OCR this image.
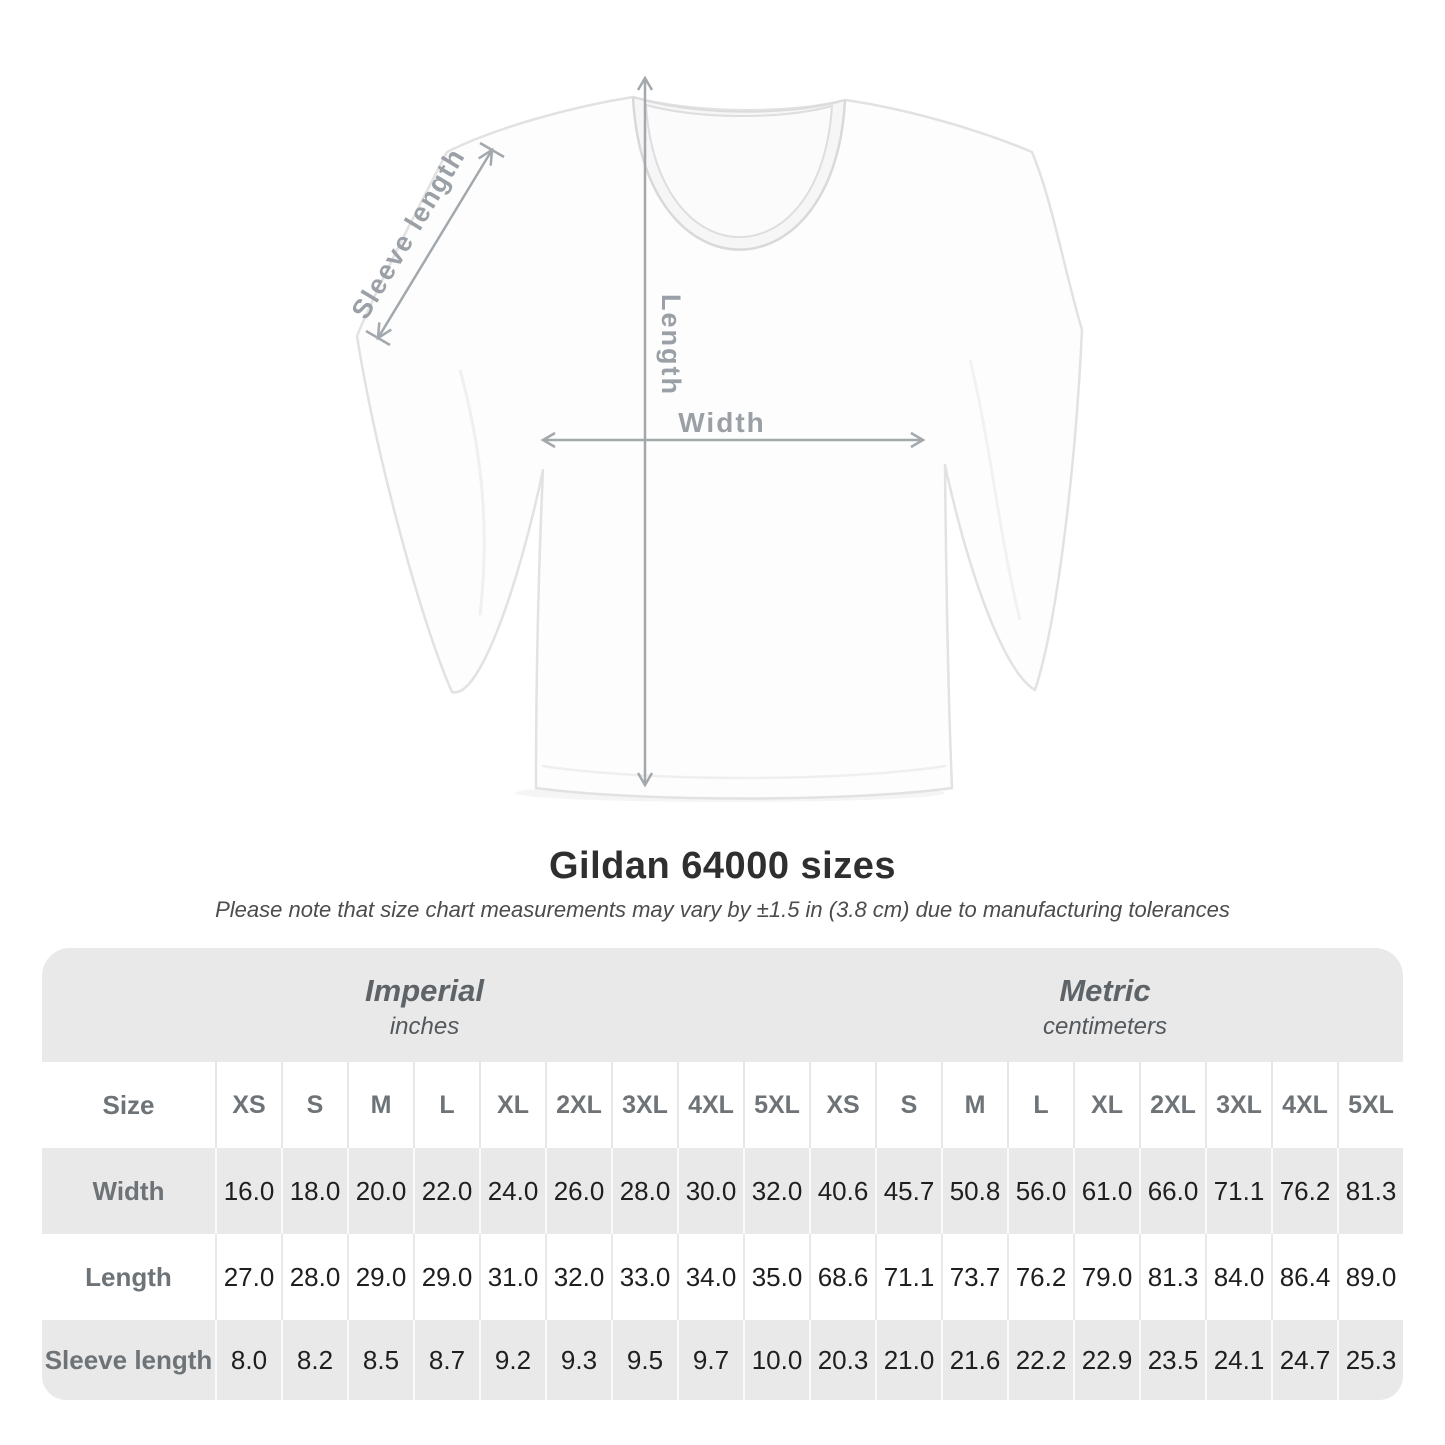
Length
Width
Sleeve length
Gildan 64000 sizes
Please note that size chart measurements may vary by ±1.5 in (3.8 cm) due to manufacturing tolerances
Imperial
inches
Metric
centimeters
Size	XS	S	M	L	XL	2XL 3XL 4XL 5XL	XS	S	M	L	XL	2XL 3XL 4XL 5XL
Width	16.0 18.0 20.0 22.0 24.0 26.0 28.0 30.0 32.0 40.6 45.7 50.8 56.0 61.0 66.0 71.1 76.2 81.3
Length	27.0 28.0 29.0 29.0 31.0 32.0 33.0 34.0 35.0 68.6 71.1 73.7 76.2 79.0 81.3 84.0 86.4 89.0
Sleeve length 8.0	8.2	8.5	8.7	9.2	9.3	9.5	9.7 10.0 20.3 21.0 21.6 22.2 22.9 23.5 24.1 24.7 25.3
